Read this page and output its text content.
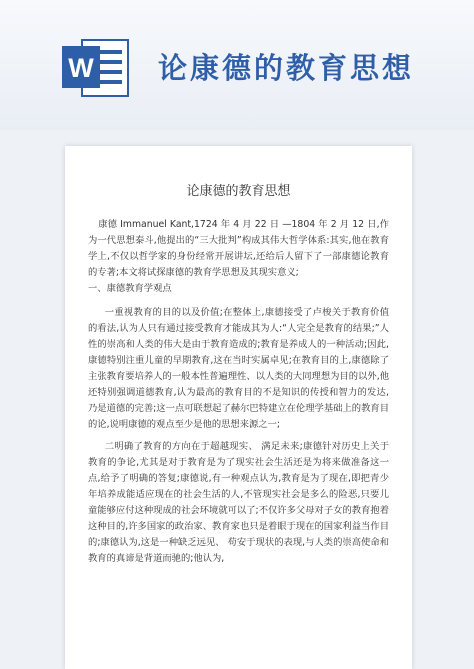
W 论康德的教育思想
论康德的教育思想

康德 Immanuel Kant,1724 年 4 月 22 日 —1804 年 2 月 12 日,作为一代思想泰斗,他提出的“三大批判”构成其伟大哲学体系:其实,他在教育学上,不仅以哲学家的身份经常开展讲坛,还给后人留下了一部康德论教育的专著;本文将试探康德的教育学思想及其现实意义;

一、康德教育学观点

一重视教育的目的以及价值;在整体上,康德接受了卢梭关于教育价值的看法,认为人只有通过接受教育才能成其为人:“人完全是教育的结果;”人性的崇高和人类的伟大是由于教育造成的;教育是养成人的一种活动;因此,康德特别注重儿童的早期教育,这在当时实属卓见;在教育目的上,康德除了主张教育要培养人的一般本性普遍理性、以人类的大同理想为目的以外,他还特别强调道德教育,认为最高的教育目的不是知识的传授和智力的发达,乃是道德的完善;这一点可联想起了赫尔巴特建立在伦理学基础上的教育目的论,说明康德的观点至少是他的思想来源之一;

二明确了教育的方向在于超越现实、 满足未来;康德针对历史上关于教育的争论,尤其是对于教育是为了现实社会生活还是为将来做准备这一点,给予了明确的答复;康德说,有一种观点认为,教育是为了现在,即把青少年培养成能适应现在的社会生活的人,不管现实社会是多么的险恶,只要儿童能够应付这种现成的社会环境就可以了;不仅许多父母对子女的教育抱着这种目的,许多国家的政治家、教育家也只是着眼于现在的国家利益当作目的;康德认为,这是一种缺乏远见、 苟安于现状的表现,与人类的崇高使命和教育的真谛是背道而驰的;他认为,
